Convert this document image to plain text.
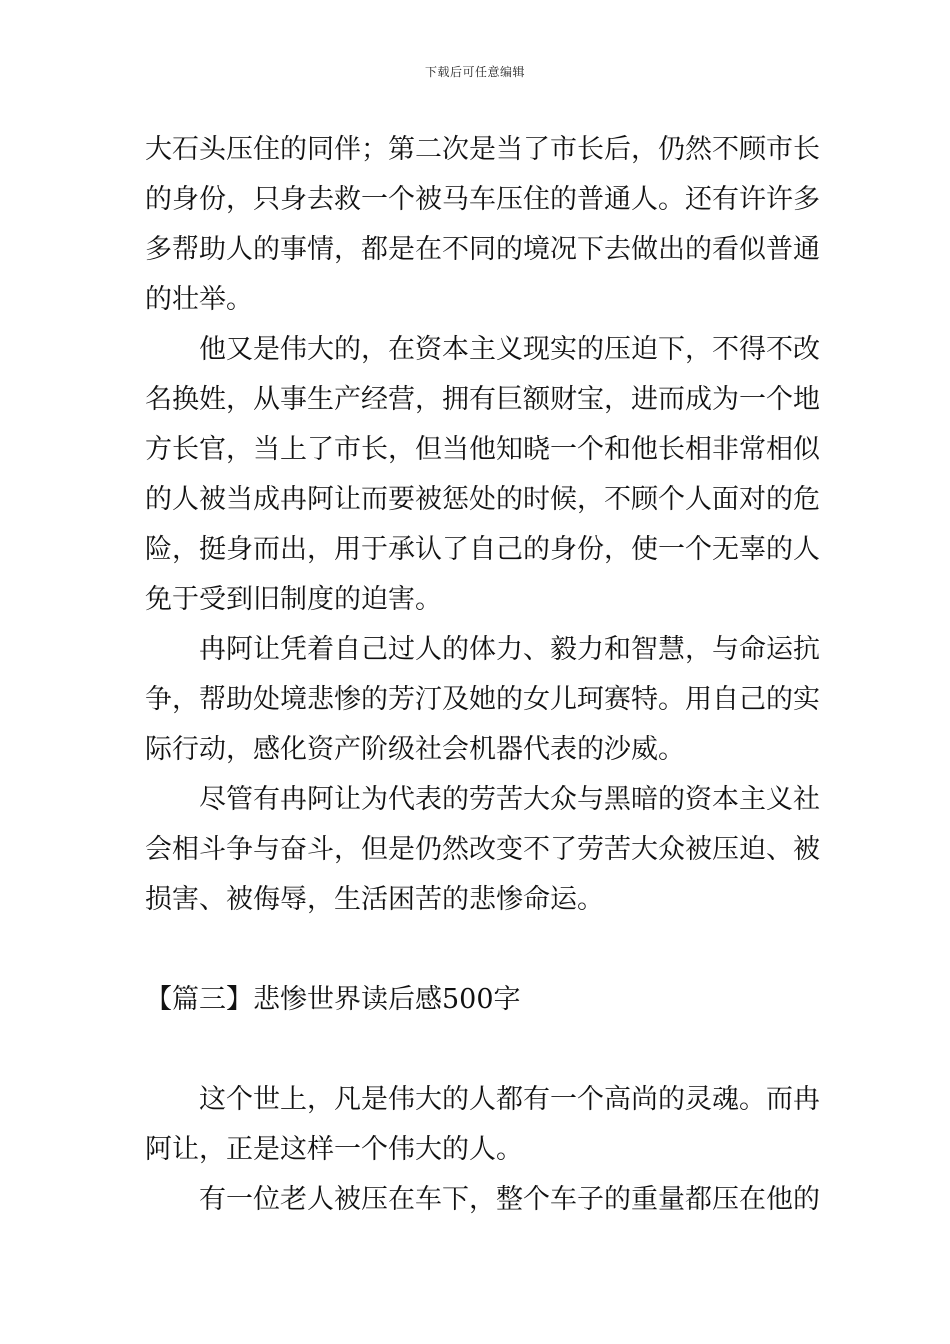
下载后可任意编辑
大石头压住的同伴；第二次是当了市长后，仍然不顾市长
的身份，只身去救一个被马车压住的普通人。还有许许多
多帮助人的事情，都是在不同的境况下去做出的看似普通
的壮举。
他又是伟大的，在资本主义现实的压迫下，不得不改
名换姓，从事生产经营，拥有巨额财宝，进而成为一个地
方长官，当上了市长，但当他知晓一个和他长相非常相似
的人被当成冉阿让而要被惩处的时候，不顾个人面对的危
险，挺身而出，用于承认了自己的身份，使一个无辜的人
免于受到旧制度的迫害。
冉阿让凭着自己过人的体力、毅力和智慧，与命运抗
争，帮助处境悲惨的芳汀及她的女儿珂赛特。用自己的实
际行动，感化资产阶级社会机器代表的沙威。
尽管有冉阿让为代表的劳苦大众与黑暗的资本主义社
会相斗争与奋斗，但是仍然改变不了劳苦大众被压迫、被
损害、被侮辱，生活困苦的悲惨命运。
【篇三】悲惨世界读后感500字
这个世上，凡是伟大的人都有一个高尚的灵魂。而冉
阿让，正是这样一个伟大的人。
有一位老人被压在车下，整个车子的重量都压在他的
